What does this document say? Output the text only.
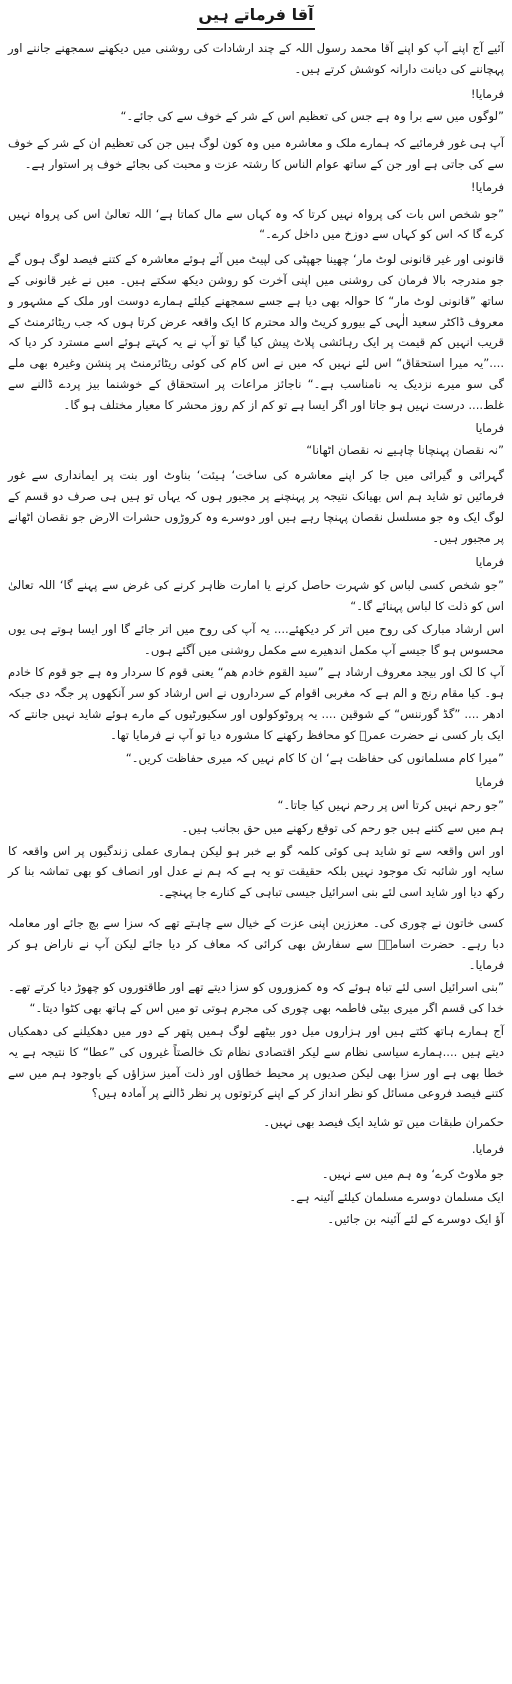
آقا فرماتے ہیں

آئیے آج اپنے آپ کو اپنے آقا محمد رسول اللہ کے چند ارشادات کی روشنی میں دیکھنے سمجھنے جاننے اور پہچاننے کی دیانت دارانہ کوشش کرتے ہیں۔

فرمایا!

”لوگوں میں سے برا وہ ہے جس کی تعظیم اس کے شر کے خوف سے کی جائے۔“

آپ ہی غور فرمائیے کہ ہمارے ملک و معاشرہ میں وہ کون لوگ ہیں جن کی تعظیم ان کے شر کے خوف سے کی جاتی ہے اور جن کے ساتھ عوام الناس کا رشتہ عزت و محبت کی بجائے خوف پر استوار ہے۔

فرمایا!

”جو شخص اس بات کی پرواہ نہیں کرتا کہ وہ کہاں سے مال کماتا ہے‘ اللہ تعالیٰ اس کی پرواہ نہیں کرے گا کہ اس کو کہاں سے دوزخ میں داخل کرے۔“

قانونی اور غیر قانونی لوٹ مار‘ چھینا جھپٹی کی لپیٹ میں آئے ہوئے معاشرہ کے کتنے فیصد لوگ ہوں گے جو مندرجہ بالا فرمان کی روشنی میں اپنی آخرت کو روشن دیکھ سکتے ہیں۔ میں نے غیر قانونی کے ساتھ ”قانونی لوٹ مار“ کا حوالہ بھی دیا ہے جسے سمجھنے کیلئے ہمارے دوست اور ملک کے مشہور و معروف ڈاکٹر سعید الٰہی کے بیورو کریٹ والد محترم کا ایک واقعہ عرض کرتا ہوں کہ جب ریٹائرمنٹ کے قریب انہیں کم قیمت پر ایک رہائشی پلاٹ پیش کیا گیا تو آپ نے یہ کہتے ہوئے اسے مسترد کر دیا کہ ....”یہ میرا استحقاق“ اس لئے نہیں کہ میں نے اس کام کی کوئی ریٹائرمنٹ پر پنشن وغیرہ بھی ملے گی سو میرے نزدیک یہ نامناسب ہے۔“ ناجائز مراعات پر استحقاق کے خوشنما بیز پردے ڈالنے سے غلط.... درست نہیں ہو جاتا اور اگر ایسا ہے تو کم از کم روز محشر کا معیار مختلف ہو گا۔

فرمایا

”نہ نقصان پہنچانا چاہیے نہ نقصان اٹھانا“

گہرائی و گیرائی میں جا کر اپنے معاشرہ کی ساخت‘ ہیئت‘ بناوٹ اور بنت پر ایمانداری سے غور فرمائیں تو شاید ہم اس بھیانک نتیجہ پر پہنچنے پر مجبور ہوں کہ یہاں تو ہیں ہی صرف دو قسم کے لوگ ایک وہ جو مسلسل نقصان پہنچا رہے ہیں اور دوسرے وہ کروڑوں حشرات الارض جو نقصان اٹھانے پر مجبور ہیں۔

فرمایا

”جو شخص کسی لباس کو شہرت حاصل کرنے یا امارت ظاہر کرنے کی غرض سے پہنے گا‘ اللہ تعالیٰ اس کو ذلت کا لباس پہنائے گا۔“

اس ارشاد مبارک کی روح میں اتر کر دیکھئے.... یہ آپ کی روح میں اتر جائے گا اور ایسا ہوتے ہی یوں محسوس ہو گا جیسے آپ مکمل اندھیرے سے مکمل روشنی میں آگئے ہوں۔

آپ کا لک اور بیجد معروف ارشاد ہے ”سید القوم خادم ھم“ یعنی قوم کا سردار وہ ہے جو قوم کا خادم ہو۔ کیا مقام رنج و الم ہے کہ مغربی اقوام کے سرداروں نے اس ارشاد کو سر آنکھوں پر جگہ دی جبکہ ادھر .... ”گڈ گورننس“ کے شوقین .... یہ پروٹوکولوں اور سکیورٹیوں کے مارے ہوئے شاید نہیں جانتے کہ ایک بار کسی نے حضرت عمرؓ کو محافظ رکھنے کا مشورہ دیا تو آپ نے فرمایا تھا۔

”میرا کام مسلمانوں کی حفاظت ہے‘ ان کا کام نہیں کہ میری حفاظت کریں۔“

فرمایا

”جو رحم نہیں کرتا اس پر رحم نہیں کیا جاتا۔“

ہم میں سے کتنے ہیں جو رحم کی توقع رکھنے میں حق بجانب ہیں۔

اور اس واقعہ سے تو شاید ہی کوئی کلمہ گو بے خبر ہو لیکن ہماری عملی زندگیوں پر اس واقعہ کا سایہ اور شائبہ تک موجود نہیں بلکہ حقیقت تو یہ ہے کہ ہم نے عدل اور انصاف کو بھی تماشہ بنا کر رکھ دیا اور شاید اسی لئے بنی اسرائیل جیسی تباہی کے کنارے جا پہنچے۔

کسی خاتون نے چوری کی۔ معززین اپنی عزت کے خیال سے چاہتے تھے کہ سزا سے بچ جائے اور معاملہ دبا رہے۔ حضرت اسامہؓ سے سفارش بھی کرائی کہ معاف کر دیا جائے لیکن آپ نے ناراض ہو کر فرمایا۔

”بنی اسرائیل اسی لئے تباہ ہوئے کہ وہ کمزوروں کو سزا دیتے تھے اور طاقتوروں کو چھوڑ دیا کرتے تھے۔ خدا کی قسم اگر میری بیٹی فاطمہ بھی چوری کی مجرم ہوتی تو میں اس کے ہاتھ بھی کٹوا دیتا۔“

آج ہمارے ہاتھ کٹتے ہیں اور ہزاروں میل دور بیٹھے لوگ ہمیں پتھر کے دور میں دھکیلنے کی دھمکیاں دیتے ہیں ....ہمارے سیاسی نظام سے لیکر اقتصادی نظام تک خالصتاً غیروں کی ”عطا“ کا نتیجہ ہے یہ خطا بھی ہے اور سزا بھی لیکن صدیوں پر محیط خطاؤں اور ذلت آمیز سزاؤں کے باوجود ہم میں سے کتنے فیصد فروعی مسائل کو نظر انداز کر کے اپنے کرتوتوں پر نظر ڈالنے پر آمادہ ہیں؟

حکمران طبقات میں تو شاید ایک فیصد بھی نہیں۔

فرمایا.

جو ملاوٹ کرے‘ وہ ہم میں سے نہیں۔

ایک مسلمان دوسرے مسلمان کیلئے آئینہ ہے۔

آؤ ایک دوسرے کے لئے آئینہ بن جائیں۔
